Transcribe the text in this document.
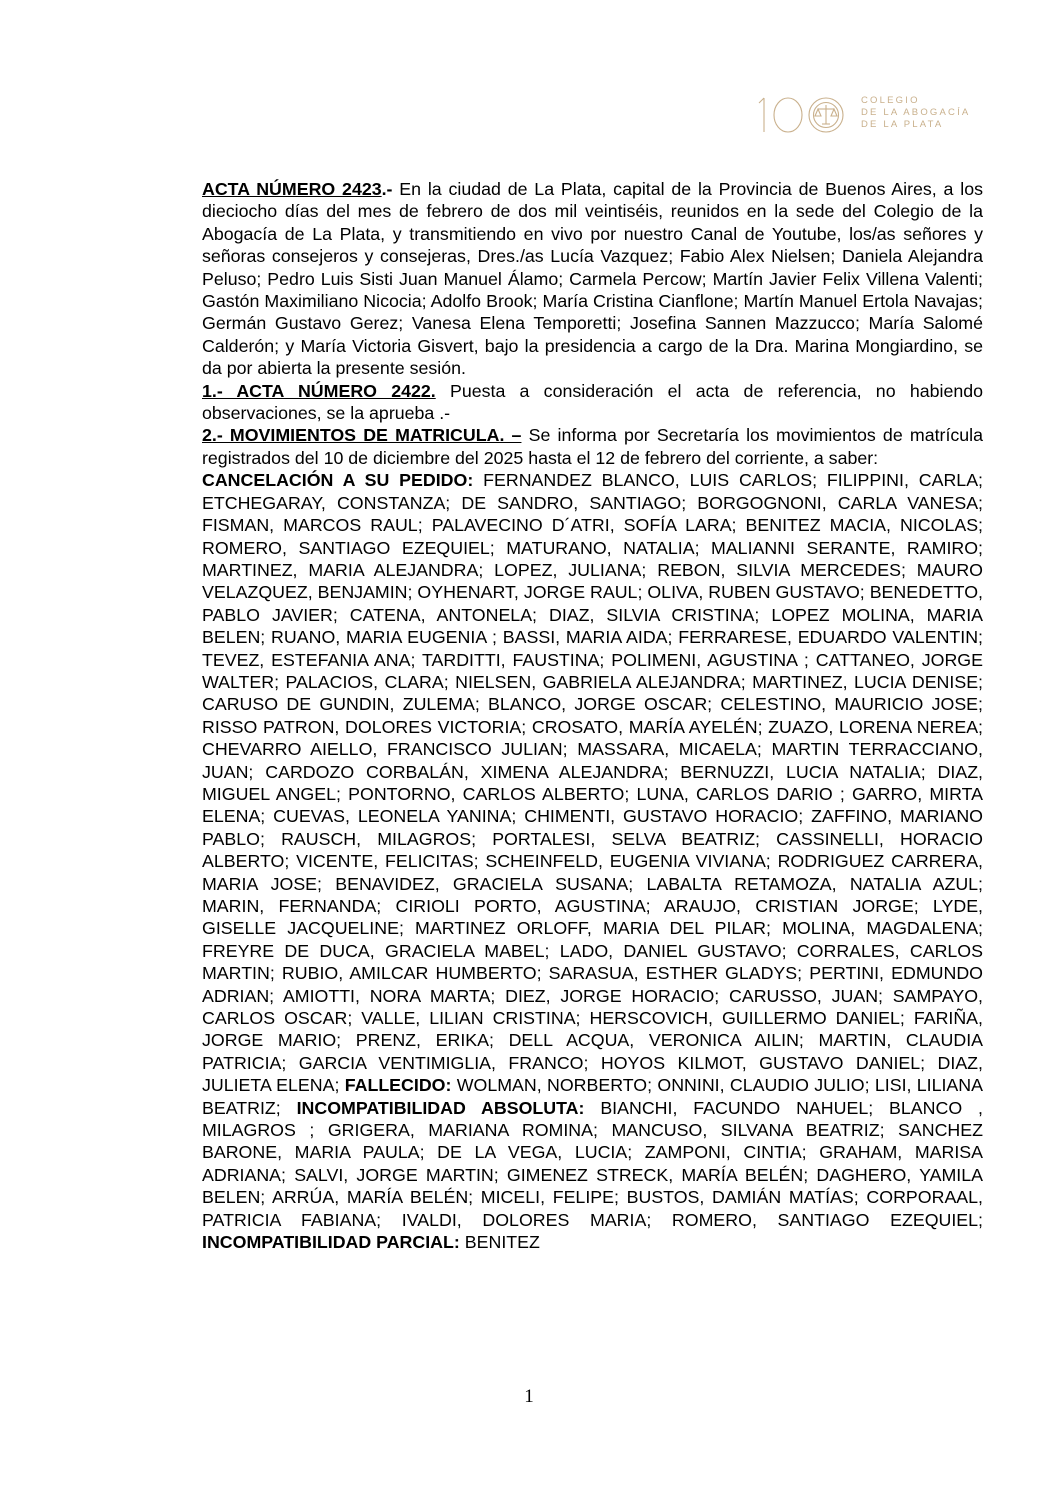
COLEGIO
DE LA ABOGACÍA
DE LA PLATA

ACTA NÚMERO 2423.- En la ciudad de La Plata, capital de la Provincia de Buenos Aires, a los dieciocho días del mes de febrero de dos mil veintiséis, reunidos en la sede del Colegio de la Abogacía de La Plata, y transmitiendo en vivo por nuestro Canal de Youtube, los/as señores y señoras consejeros y consejeras, Dres./as Lucía Vazquez; Fabio Alex Nielsen; Daniela Alejandra Peluso; Pedro Luis Sisti Juan Manuel Álamo; Carmela Percow; Martín Javier Felix Villena Valenti; Gastón Maximiliano Nicocia; Adolfo Brook; María Cristina Cianflone; Martín Manuel Ertola Navajas; Germán Gustavo Gerez; Vanesa Elena Temporetti; Josefina Sannen Mazzucco; María Salomé Calderón; y María Victoria Gisvert, bajo la presidencia a cargo de la Dra. Marina Mongiardino, se da por abierta la presente sesión.

1.- ACTA NÚMERO 2422. Puesta a consideración el acta de referencia, no habiendo observaciones, se la aprueba .-

2.- MOVIMIENTOS DE MATRICULA. – Se informa por Secretaría los movimientos de matrícula registrados del 10 de diciembre del 2025 hasta el 12 de febrero del corriente, a saber:

CANCELACIÓN A SU PEDIDO: FERNANDEZ BLANCO, LUIS CARLOS; FILIPPINI, CARLA; ETCHEGARAY, CONSTANZA; DE SANDRO, SANTIAGO; BORGOGNONI, CARLA VANESA; FISMAN, MARCOS RAUL; PALAVECINO D´ATRI, SOFÍA LARA; BENITEZ MACIA, NICOLAS; ROMERO, SANTIAGO EZEQUIEL; MATURANO, NATALIA; MALIANNI SERANTE, RAMIRO; MARTINEZ, MARIA ALEJANDRA; LOPEZ, JULIANA; REBON, SILVIA MERCEDES; MAURO VELAZQUEZ, BENJAMIN; OYHENART, JORGE RAUL; OLIVA, RUBEN GUSTAVO; BENEDETTO, PABLO JAVIER; CATENA, ANTONELA; DIAZ, SILVIA CRISTINA; LOPEZ MOLINA, MARIA BELEN; RUANO, MARIA EUGENIA ; BASSI, MARIA AIDA; FERRARESE, EDUARDO VALENTIN; TEVEZ, ESTEFANIA ANA; TARDITTI, FAUSTINA; POLIMENI, AGUSTINA ; CATTANEO, JORGE WALTER; PALACIOS, CLARA; NIELSEN, GABRIELA ALEJANDRA; MARTINEZ, LUCIA DENISE; CARUSO DE GUNDIN, ZULEMA; BLANCO, JORGE OSCAR; CELESTINO, MAURICIO JOSE; RISSO PATRON, DOLORES VICTORIA; CROSATO, MARÍA AYELÉN; ZUAZO, LORENA NEREA; CHEVARRO AIELLO, FRANCISCO JULIAN; MASSARA, MICAELA; MARTIN TERRACCIANO, JUAN; CARDOZO CORBALÁN, XIMENA ALEJANDRA; BERNUZZI, LUCIA NATALIA; DIAZ, MIGUEL ANGEL; PONTORNO, CARLOS ALBERTO; LUNA, CARLOS DARIO ; GARRO, MIRTA ELENA; CUEVAS, LEONELA YANINA; CHIMENTI, GUSTAVO HORACIO; ZAFFINO, MARIANO PABLO; RAUSCH, MILAGROS; PORTALESI, SELVA BEATRIZ; CASSINELLI, HORACIO ALBERTO; VICENTE, FELICITAS; SCHEINFELD, EUGENIA VIVIANA; RODRIGUEZ CARRERA, MARIA JOSE; BENAVIDEZ, GRACIELA SUSANA; LABALTA RETAMOZA, NATALIA AZUL; MARIN, FERNANDA; CIRIOLI PORTO, AGUSTINA; ARAUJO, CRISTIAN JORGE; LYDE, GISELLE JACQUELINE; MARTINEZ ORLOFF, MARIA DEL PILAR; MOLINA, MAGDALENA; FREYRE DE DUCA, GRACIELA MABEL; LADO, DANIEL GUSTAVO; CORRALES, CARLOS MARTIN; RUBIO, AMILCAR HUMBERTO; SARASUA, ESTHER GLADYS; PERTINI, EDMUNDO ADRIAN; AMIOTTI, NORA MARTA; DIEZ, JORGE HORACIO; CARUSSO, JUAN; SAMPAYO, CARLOS OSCAR; VALLE, LILIAN CRISTINA; HERSCOVICH, GUILLERMO DANIEL; FARIÑA, JORGE MARIO; PRENZ, ERIKA; DELL ACQUA, VERONICA AILIN; MARTIN, CLAUDIA PATRICIA; GARCIA VENTIMIGLIA, FRANCO; HOYOS KILMOT, GUSTAVO DANIEL; DIAZ, JULIETA ELENA; FALLECIDO: WOLMAN, NORBERTO; ONNINI, CLAUDIO JULIO; LISI, LILIANA BEATRIZ; INCOMPATIBILIDAD ABSOLUTA: BIANCHI, FACUNDO NAHUEL; BLANCO , MILAGROS ; GRIGERA, MARIANA ROMINA; MANCUSO, SILVANA BEATRIZ; SANCHEZ BARONE, MARIA PAULA; DE LA VEGA, LUCIA; ZAMPONI, CINTIA; GRAHAM, MARISA ADRIANA; SALVI, JORGE MARTIN; GIMENEZ STRECK, MARÍA BELÉN; DAGHERO, YAMILA BELEN; ARRÚA, MARÍA BELÉN; MICELI, FELIPE; BUSTOS, DAMIÁN MATÍAS; CORPORAAL, PATRICIA FABIANA; IVALDI, DOLORES MARIA; ROMERO, SANTIAGO EZEQUIEL; INCOMPATIBILIDAD PARCIAL: BENITEZ

1
